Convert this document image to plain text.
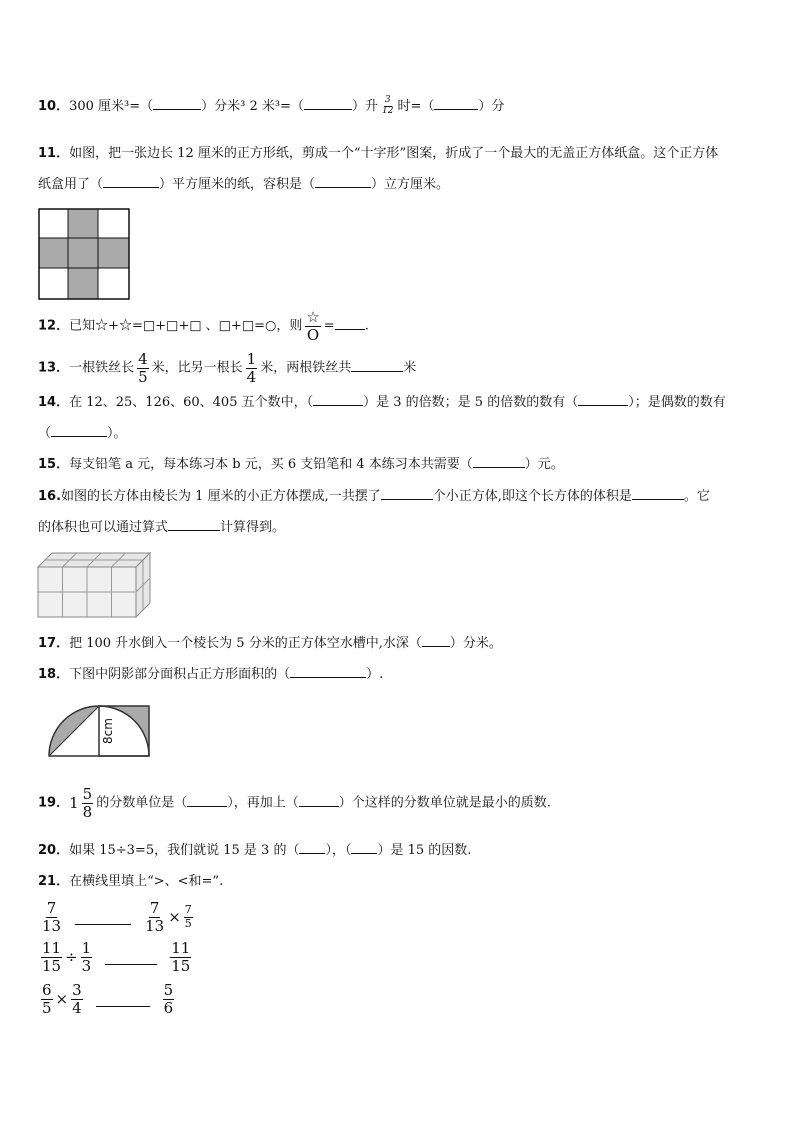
10．300 厘米³=（	）分米³ 2 米³=（	）升 $\frac{3}{12}$ 时=（	）分
11．如图，把一张边长 12 厘米的正方形纸，剪成一个“十字形”图案，折成了一个最大的无盖正方体纸盒。这个正方体
纸盒用了（	）平方厘米的纸，容积是（	）立方厘米。
12．已知☆+☆=□+□+□ 、□+□=○，则 $\frac{☆}{O}$ = .
13．一根铁丝长 $\frac{4}{5}$ 米，比另一根长 $\frac{1}{4}$ 米，两根铁丝共	米
14．在 12、25、126、60、405 五个数中，（	）是 3 的倍数；是 5 的倍数的数有（	）；是偶数的数有
（	）。
15．每支铅笔 a 元，每本练习本 b 元，买 6 支铅笔和 4 本练习本共需要（	）元。
16.如图的长方体由棱长为 1 厘米的小正方体摆成,一共摆了	个小正方体,即这个长方体的体积是	。它
的体积也可以通过算式	计算得到。
17．把 100 升水倒入一个棱长为 5 分米的正方体空水槽中,水深（ ）分米。
18．下图中阴影部分面积占正方形面积的（	）.
8cm
19． $1 \frac{5}{8}$ 的分数单位是（	），再加上（	）个这样的分数单位就是最小的质数.
20．如果 15÷3=5，我们就说 15 是 3 的（ ），（ ）是 15 的因数.
21．在横线里填上“>、<和=”.
$\frac{7}{13}$	$\frac{7}{13} \times \frac{7}{5}$
$\frac{11}{15} \div \frac{1}{3}$	$\frac{11}{15}$
$\frac{6}{5} \times \frac{3}{4}$	$\frac{5}{6}$
